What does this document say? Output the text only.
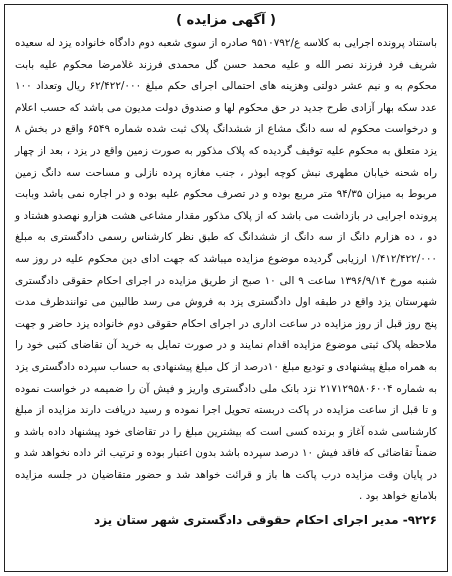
( آگهی مزایده )

باستناد پرونده اجرایی به کلاسه ع/۹۵۱۰۷۹۲ صادره از سوی شعبه دوم دادگاه خانواده یزد له سعیده شریف فرد فرزند نصر الله و علیه محمد حسن گل محمدی فرزند غلامرضا محکوم علیه بابت محکوم به و نیم عشر دولتی وهزینه های احتمالی اجرای حکم مبلغ ۶۲/۴۲۲/۰۰۰ ریال وتعداد ۱۰۰ عدد سکه بهار آزادی طرح جدید در حق محکوم لها و صندوق دولت مدیون می باشد که حسب اعلام و درخواست محکوم له سه دانگ مشاع از ششدانگ پلاک ثبت شده شماره ۶۵۴۹ واقع در بخش ۸ یزد متعلق به محکوم علیه توقیف گردیده که پلاک مذکور به صورت زمین واقع در یزد ، بعد از چهار راه شحنه خیابان مطهری نبش کوچه ابوذر ، جنب مغازه پرده نازلی و مساحت سه دانگ زمین مربوط به میزان ۹۴/۳۵ متر مربع بوده و در تصرف محکوم علیه بوده و در اجاره نمی باشد وبابت پرونده اجرایی در بازداشت می باشد که از پلاک مذکور مقدار مشاعی هشت هزارو نهصدو هشتاد و دو ، ده هزارم دانگ از سه دانگ از ششدانگ که طبق نظر کارشناس رسمی دادگستری به مبلغ ۱/۴۱۲/۴۲۲/۰۰۰ ارزیابی گردیده موضوع مزایده میباشد که جهت ادای دین محکوم علیه در روز سه شنبه مورخ ۱۳۹۶/۹/۱۴ ساعت ۹ الی ۱۰ صبح از طریق مزایده در اجرای احکام حقوقی دادگستری شهرستان یزد واقع در طبقه اول دادگستری یزد به فروش می رسد طالبین می توانندظرف مدت پنج روز قبل از روز مزایده در ساعت اداری در اجرای احکام حقوقی دوم خانواده یزد حاضر و جهت ملاحظه پلاک ثبتی موضوع مزایده اقدام نمایند و در صورت تمایل به خرید آن تقاضای کتبی خود را به همراه مبلغ پیشنهادی و تودیع مبلغ ۱۰درصد از کل مبلغ پیشنهادی به حساب سپرده دادگستری یزد به شماره ۲۱۷۱۲۹۵۸۰۶۰۰۴ نزد بانک ملی دادگستری واریز و فیش آن را ضمیمه در خواست نموده و تا قبل از ساعت مزایده در پاکت دربسته تحویل اجرا نموده و رسید دریافت دارند مزایده از مبلغ کارشناسی شده آغاز و برنده کسی است که بیشترین مبلغ را در تقاضای خود پیشنهاد داده باشد و ضمناً تقاضائی که فاقد فیش ۱۰ درصد سپرده باشد بدون اعتبار بوده و ترتیب اثر داده نخواهد شد و در پایان وقت مزایده درب پاکت ها باز و قرائت خواهد شد و حضور متقاضیان در جلسه مزایده بلامانع خواهد بود .

۹۲۲۶- مدیر اجرای احکام حقوقی دادگستری شهر ستان یزد
